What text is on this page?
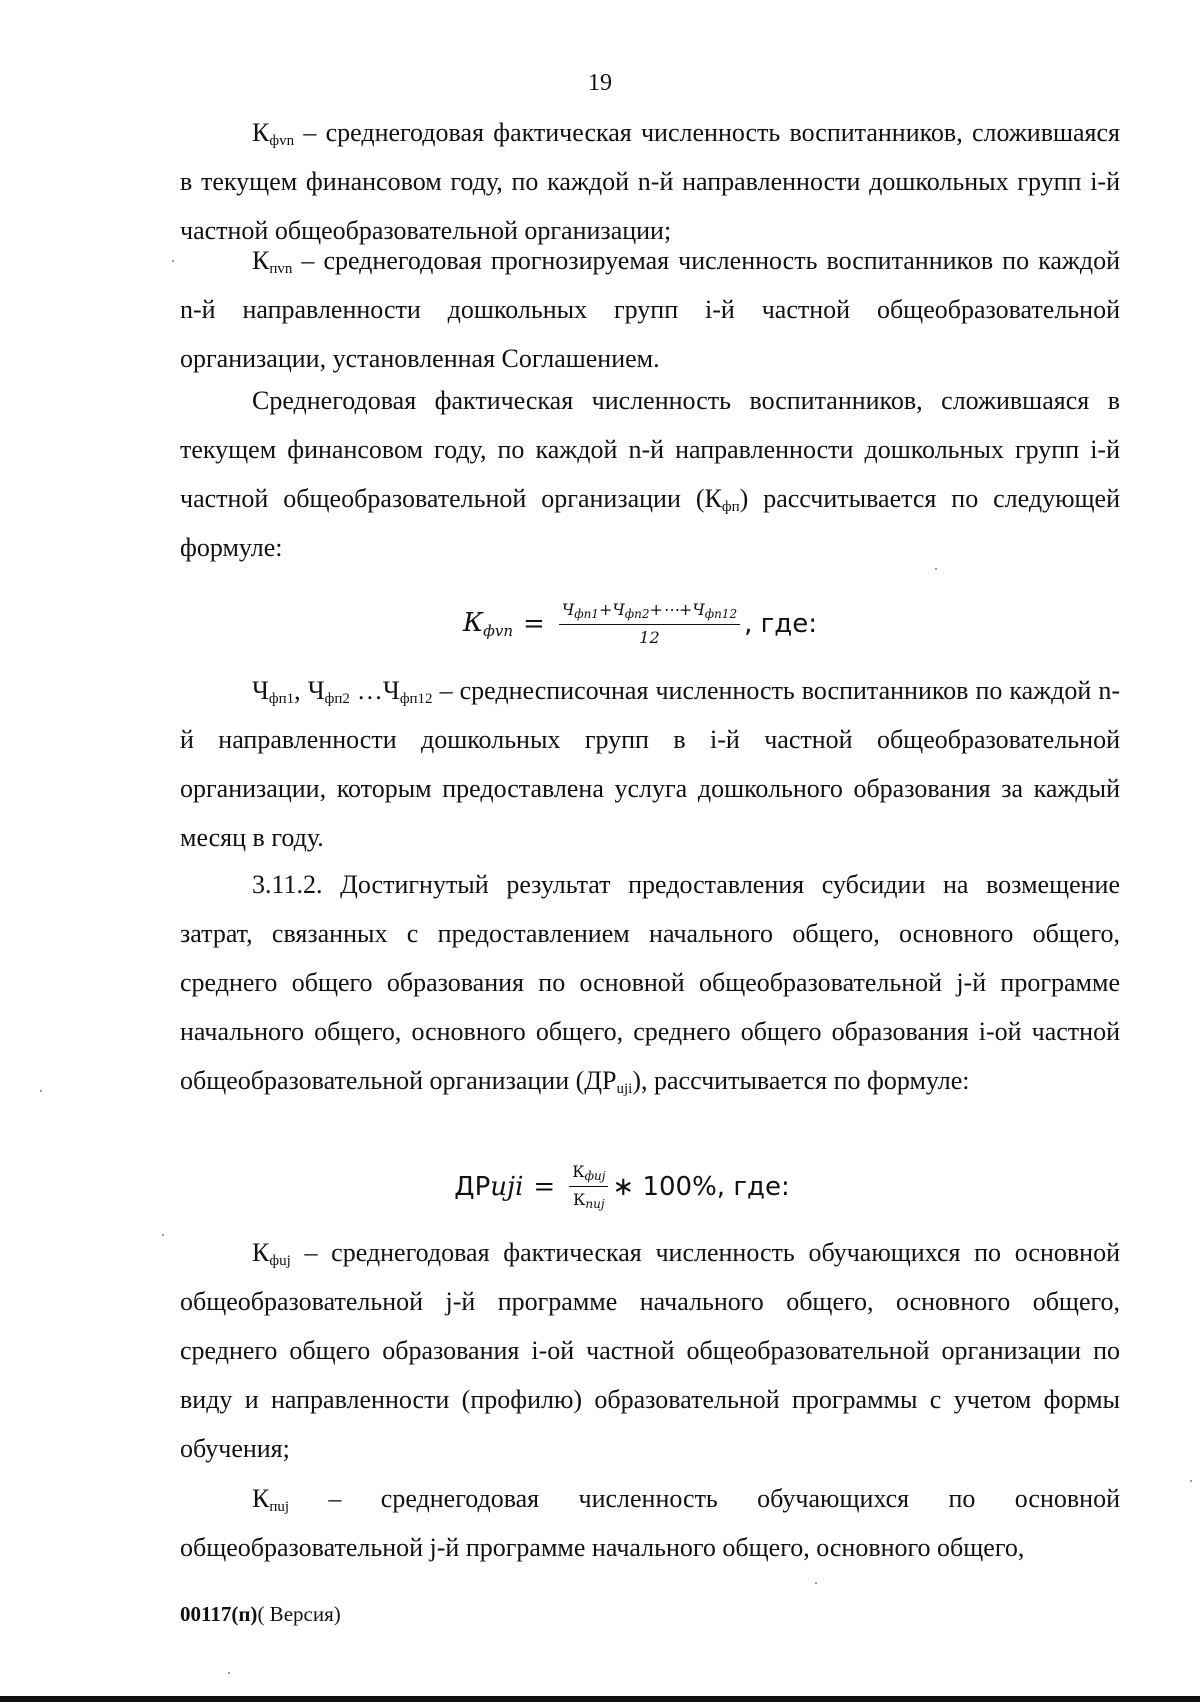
19
$К_{фvn}$ – среднегодовая фактическая численность воспитанников, сложившаяся в текущем финансовом году, по каждой n-й направленности дошкольных групп i-й частной общеобразовательной организации;
$К_{пvn}$ – среднегодовая прогнозируемая численность воспитанников по каждой n-й направленности дошкольных групп i-й частной общеобразовательной организации, установленная Соглашением.
Среднегодовая фактическая численность воспитанников, сложившаяся в текущем финансовом году, по каждой n-й направленности дошкольных групп i-й частной общеобразовательной организации $(К_{фп})$ рассчитывается по следующей формуле:
Кфvn = $\frac{\text{Чфn1+Чфn2+⋯+Чфn12}}{12}$ , где:
$Ч_{фп1}$, $Ч_{фп2}$ $\dots Ч_{фп12}$ – среднесписочная численность воспитанников по каждой n-й направленности дошкольных групп в i-й частной общеобразовательной организации, которым предоставлена услуга дошкольного образования за каждый месяц в году.
3.11.2. Достигнутый результат предоставления субсидии на возмещение затрат, связанных с предоставлением начального общего, основного общего, среднего общего образования по основной общеобразовательной j-й программе начального общего, основного общего, среднего общего образования i-ой частной общеобразовательной организации $(ДР_{uji})$, рассчитывается по формуле:
ДРuji = $\frac{\text{Кфuj}}{\text{Кпuj}}$ ∗ 100%, где:
$К_{фuj}$ – среднегодовая фактическая численность обучающихся по основной общеобразовательной j-й программе начального общего, основного общего, среднего общего образования i-ой частной общеобразовательной организации по виду и направленности (профилю) образовательной программы с учетом формы обучения;
$К_{пuj}$ – среднегодовая численность обучающихся по основной общеобразовательной j-й программе начального общего, основного общего,
00117(п)( Версия)
